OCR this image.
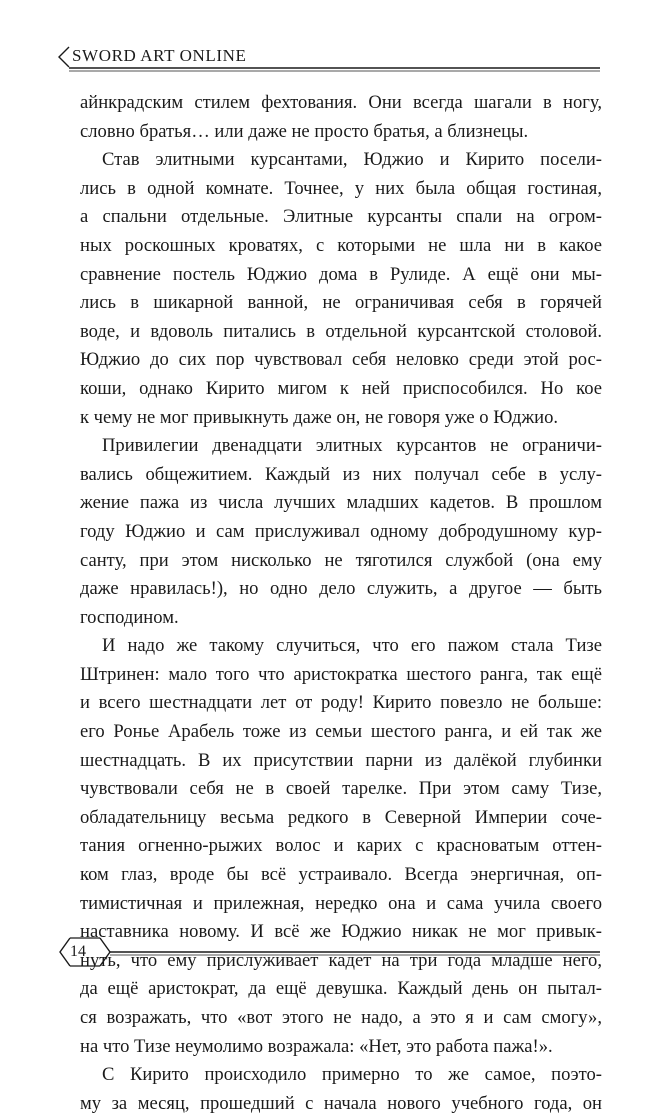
SWORD ART ONLINE

айнкрадским стилем фехтования. Они всегда шагали в ногу,
словно братья… или даже не просто братья, а близнецы.

Став элитными курсантами, Юджио и Кирито посели-
лись в одной комнате. Точнее, у них была общая гостиная,
а спальни отдельные. Элитные курсанты спали на огром-
ных роскошных кроватях, с которыми не шла ни в какое
сравнение постель Юджио дома в Рулиде. А ещё они мы-
лись в шикарной ванной, не ограничивая себя в горячей
воде, и вдоволь питались в отдельной курсантской столовой.
Юджио до сих пор чувствовал себя неловко среди этой рос-
коши, однако Кирито мигом к ней приспособился. Но кое
к чему не мог привыкнуть даже он, не говоря уже о Юджио.

Привилегии двенадцати элитных курсантов не ограничи-
вались общежитием. Каждый из них получал себе в услу-
жение пажа из числа лучших младших кадетов. В прошлом
году Юджио и сам прислуживал одному добродушному кур-
санту, при этом нисколько не тяготился службой (она ему
даже нравилась!), но одно дело служить, а другое — быть
господином.

И надо же такому случиться, что его пажом стала Тизе
Штринен: мало того что аристократка шестого ранга, так ещё
и всего шестнадцати лет от роду! Кирито повезло не больше:
его Ронье Арабель тоже из семьи шестого ранга, и ей так же
шестнадцать. В их присутствии парни из далёкой глубинки
чувствовали себя не в своей тарелке. При этом саму Тизе,
обладательницу весьма редкого в Северной Империи соче-
тания огненно-рыжих волос и карих с красноватым оттен-
ком глаз, вроде бы всё устраивало. Всегда энергичная, оп-
тимистичная и прилежная, нередко она и сама учила своего
наставника новому. И всё же Юджио никак не мог привык-
нуть, что ему прислуживает кадет на три года младше него,
да ещё аристократ, да ещё девушка. Каждый день он пытал-
ся возражать, что «вот этого не надо, а это я и сам смогу»,
на что Тизе неумолимо возражала: «Нет, это работа пажа!».

С Кирито происходило примерно то же самое, поэто-
му за месяц, прошедший с начала нового учебного года, он

14
